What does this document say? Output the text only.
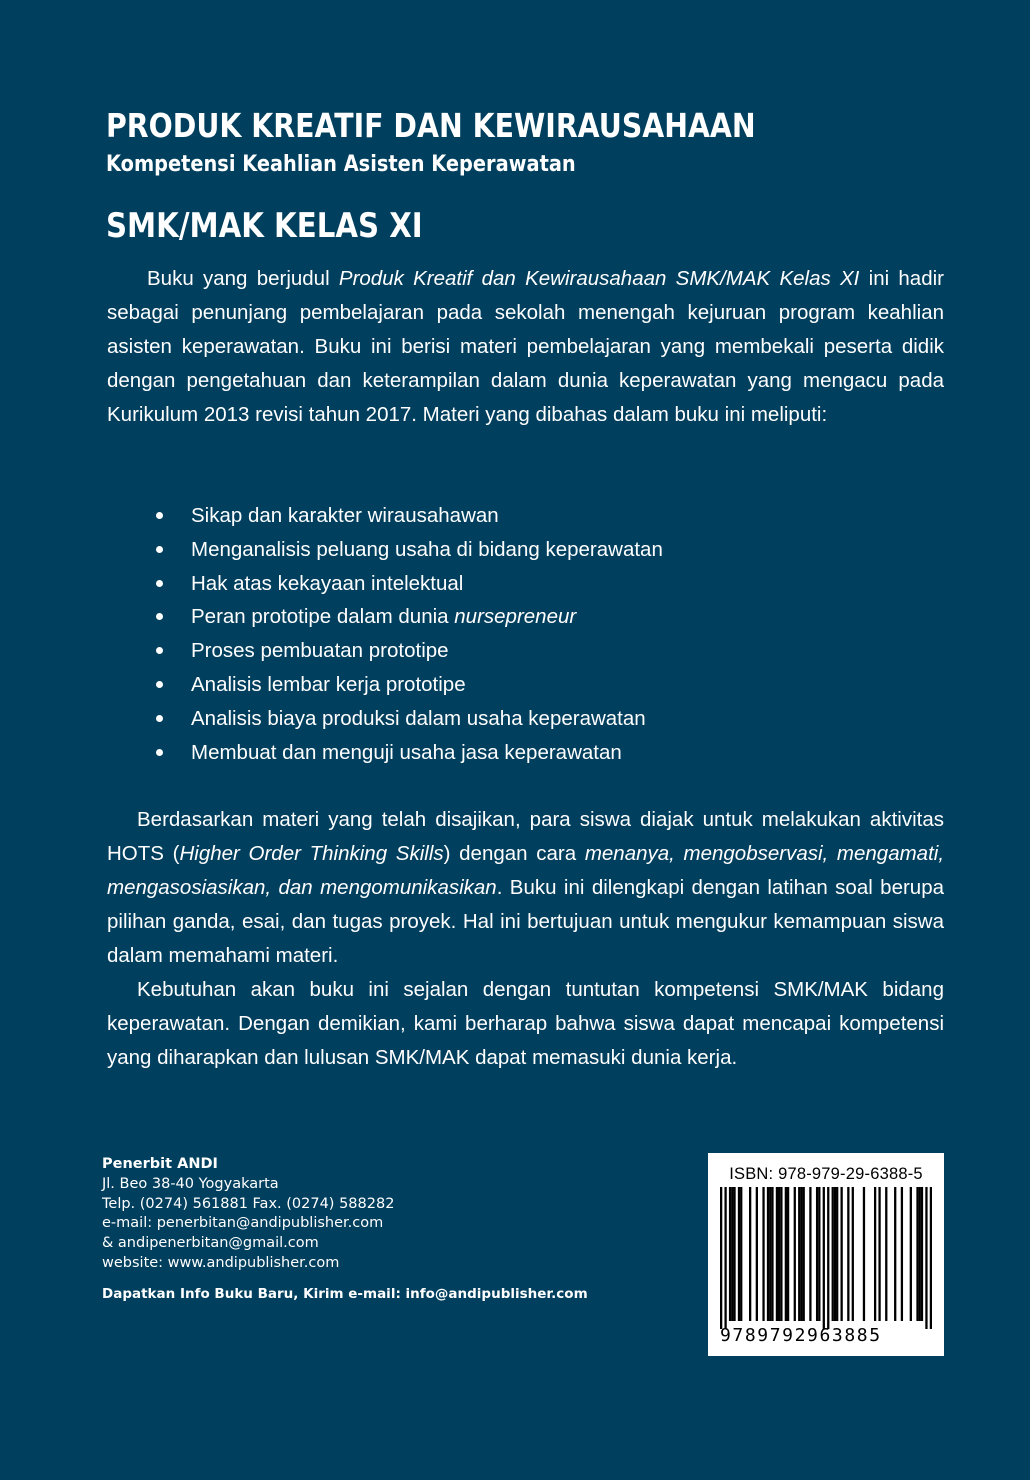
PRODUK KREATIF DAN KEWIRAUSAHAAN
Kompetensi Keahlian Asisten Keperawatan
SMK/MAK KELAS XI

Buku yang berjudul Produk Kreatif dan Kewirausahaan SMK/MAK Kelas XI ini hadir sebagai penunjang pembelajaran pada sekolah menengah kejuruan program keahlian asisten keperawatan. Buku ini berisi materi pembelajaran yang membekali peserta didik dengan pengetahuan dan keterampilan dalam dunia keperawatan yang mengacu pada Kurikulum 2013 revisi tahun 2017. Materi yang dibahas dalam buku ini meliputi:

Sikap dan karakter wirausahawan
Menganalisis peluang usaha di bidang keperawatan
Hak atas kekayaan intelektual
Peran prototipe dalam dunia nursepreneur
Proses pembuatan prototipe
Analisis lembar kerja prototipe
Analisis biaya produksi dalam usaha keperawatan
Membuat dan menguji usaha jasa keperawatan

Berdasarkan materi yang telah disajikan, para siswa diajak untuk melakukan aktivitas HOTS (Higher Order Thinking Skills) dengan cara menanya, mengobservasi, mengamati, mengasosiasikan, dan mengomunikasikan. Buku ini dilengkapi dengan latihan soal berupa pilihan ganda, esai, dan tugas proyek. Hal ini bertujuan untuk mengukur kemampuan siswa dalam memahami materi.

Kebutuhan akan buku ini sejalan dengan tuntutan kompetensi SMK/MAK bidang keperawatan. Dengan demikian, kami berharap bahwa siswa dapat mencapai kompetensi yang diharapkan dan lulusan SMK/MAK dapat memasuki dunia kerja.

Penerbit ANDI
Jl. Beo 38-40 Yogyakarta
Telp. (0274) 561881 Fax. (0274) 588282
e-mail: penerbitan@andipublisher.com
& andipenerbitan@gmail.com
website: www.andipublisher.com
Dapatkan Info Buku Baru, Kirim e-mail: info@andipublisher.com
ISBN: 978-979-29-6388-5
9789792963885
